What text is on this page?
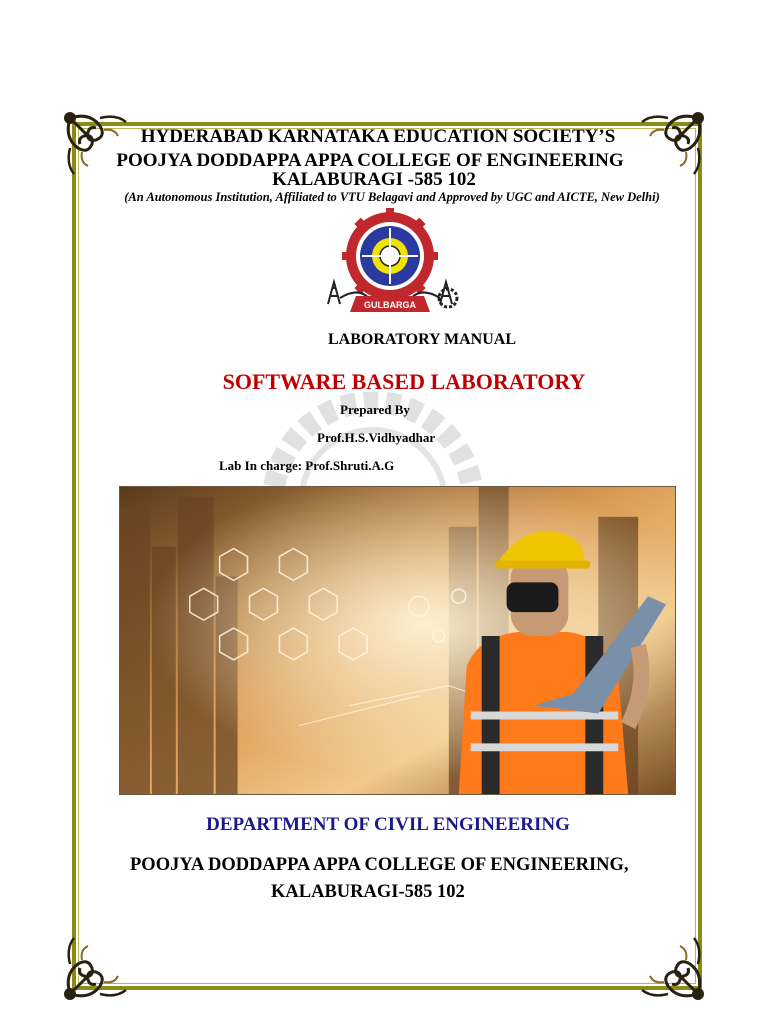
HYDERABAD KARNATAKA EDUCATION SOCIETY’S
POOJYA DODDAPPA APPA COLLEGE OF ENGINEERING
KALABURAGI -585 102
(An Autonomous Institution, Affiliated to VTU Belagavi and Approved by UGC and AICTE, New Delhi)
GULBARGA
LABORATORY MANUAL
SOFTWARE BASED LABORATORY
Prepared By
Prof.H.S.Vidhyadhar
Lab In charge: Prof.Shruti.A.G
DEPARTMENT OF CIVIL ENGINEERING
POOJYA DODDAPPA APPA COLLEGE OF ENGINEERING,
KALABURAGI-585 102
